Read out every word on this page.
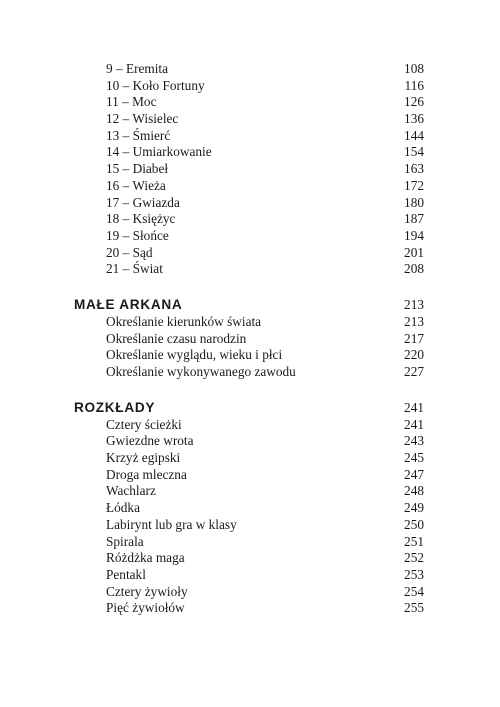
9 – Eremita .....	108
10 – Koło Fortuny .....	116
11 – Moc .....	126
12 – Wisielec .....	136
13 – Śmierć .....	144
14 – Umiarkowanie .....	154
15 – Diabeł .....	163
16 – Wieża .....	172
17 – Gwiazda .....	180
18 – Księżyc .....	187
19 – Słońce .....	194
20 – Sąd .....	201
21 – Świat .....	208
MAŁE ARKANA .....	213
Określanie kierunków świata .....	213
Określanie czasu narodzin .....	217
Określanie wyglądu, wieku i płci .....	220
Określanie wykonywanego zawodu .....	227
ROZKŁADY .....	241
Cztery ścieżki .....	241
Gwiezdne wrota .....	243
Krzyż egipski .....	245
Droga mleczna .....	247
Wachlarz .....	248
Łódka .....	249
Labirynt lub gra w klasy .....	250
Spirala .....	251
Różdżka maga .....	252
Pentakl .....	253
Cztery żywioły .....	254
Pięć żywiołów .....	255
